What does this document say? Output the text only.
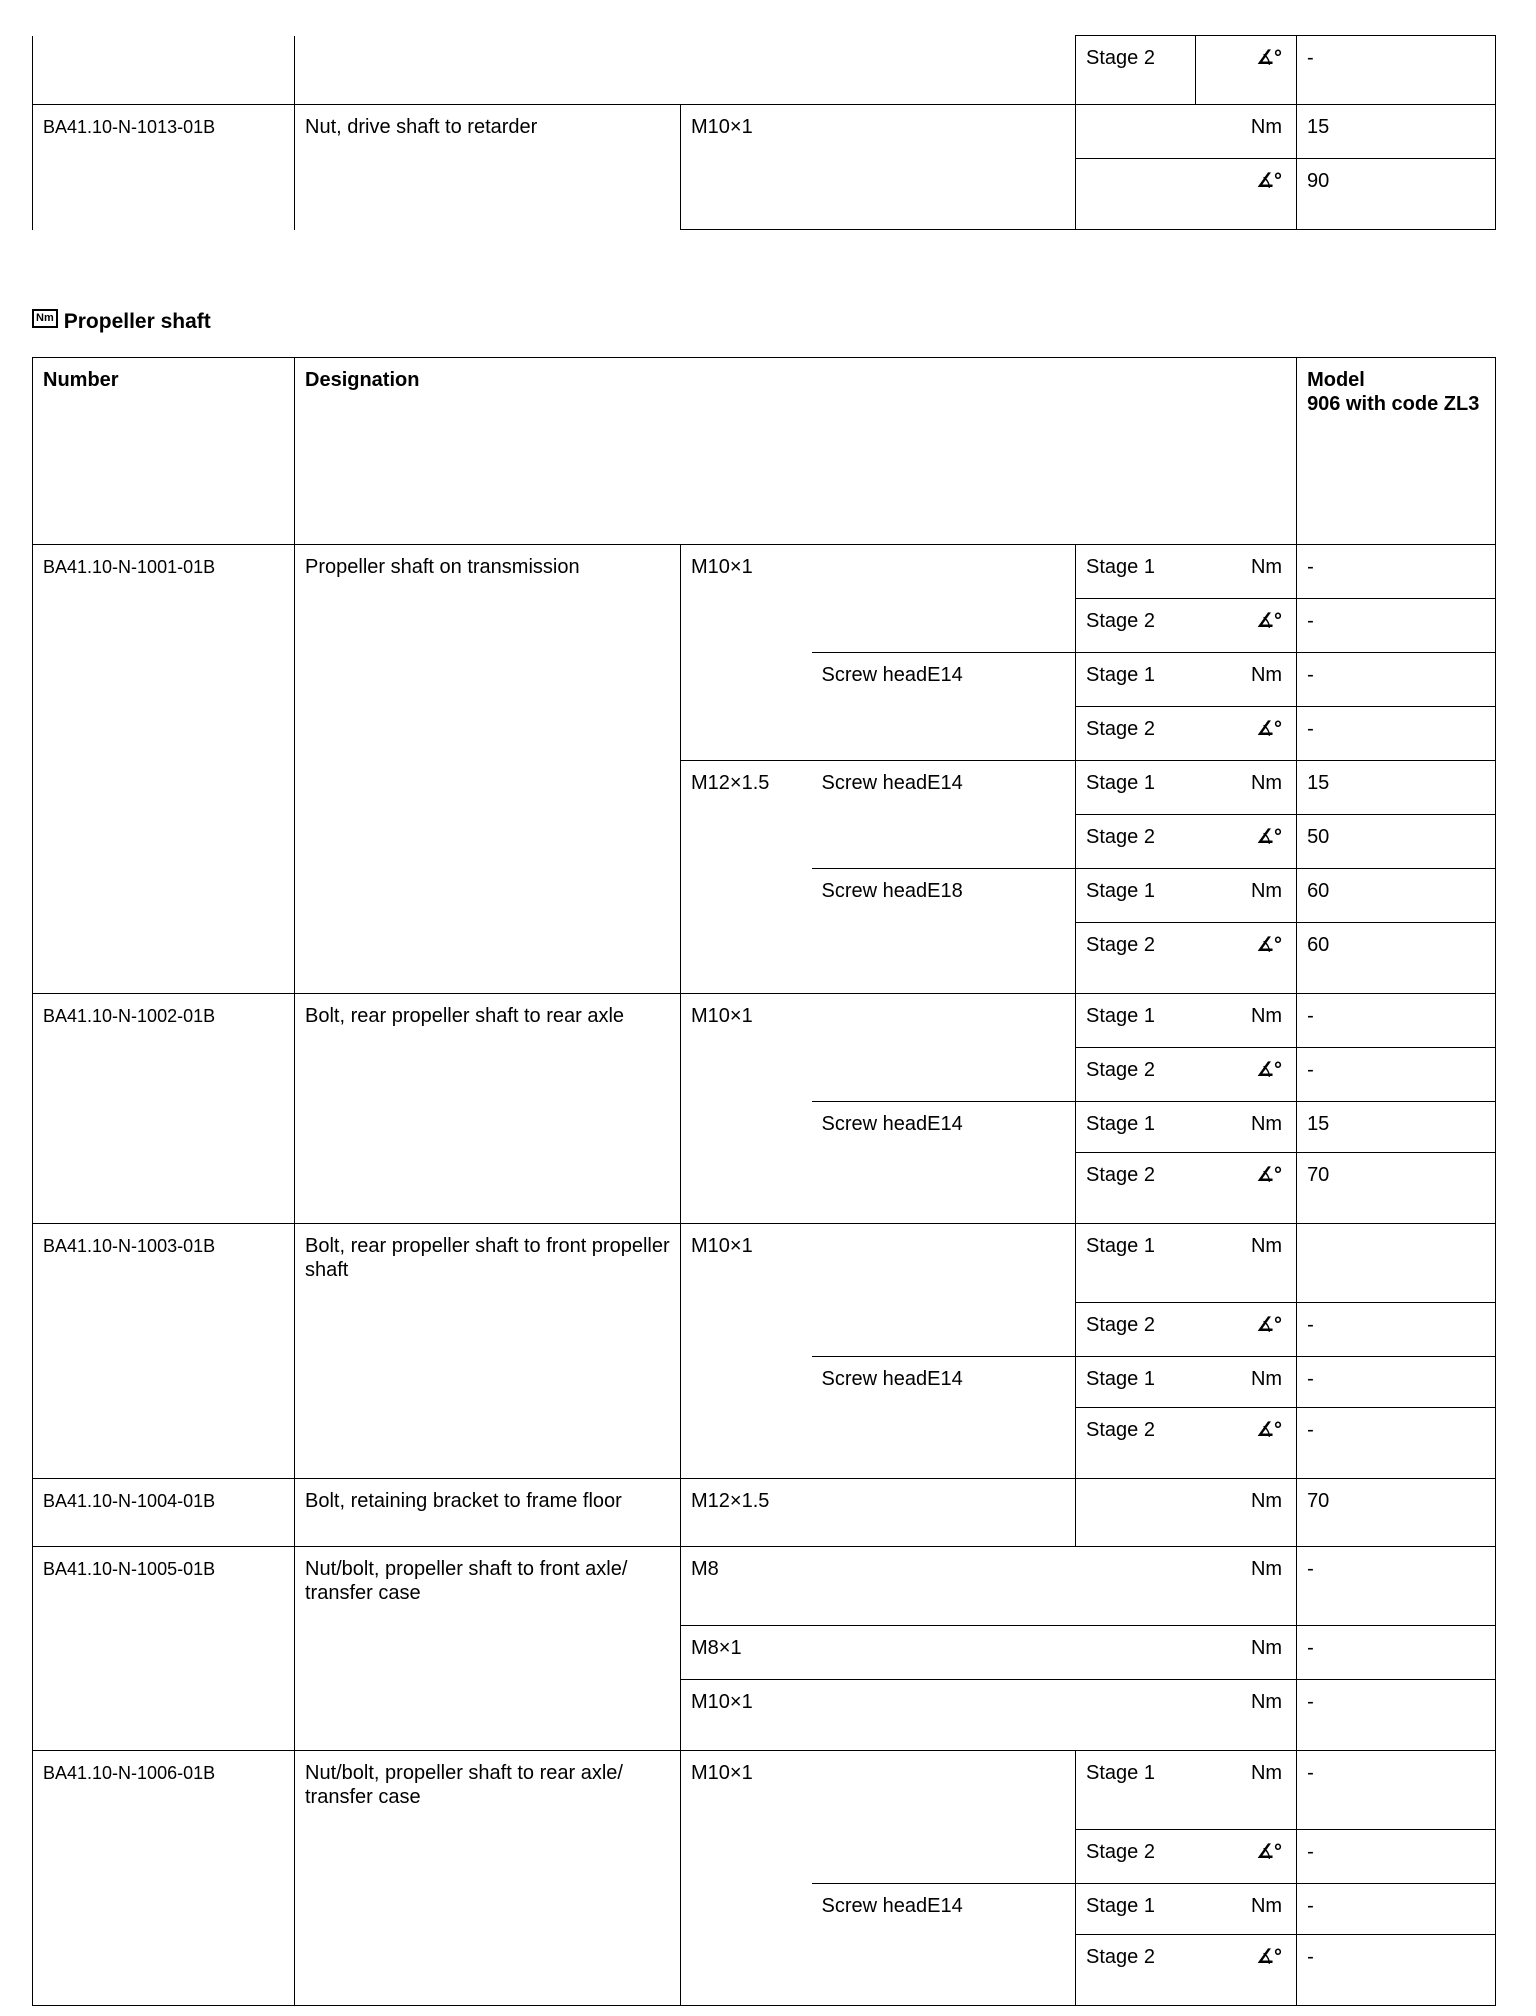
				Stage 2	∡°	-
BA41.10-N-1013-01B	Nut, drive shaft to retarder	M10×1			Nm	15
					∡°	90
Nm Propeller shaft
Number	Designation					Model
906 with code ZL3
BA41.10-N-1001-01B	Propeller shaft on transmission	M10×1		Stage 1	Nm	-
				Stage 2	∡°	-
			Screw headE14	Stage 1	Nm	-
				Stage 2	∡°	-
		M12×1.5	Screw headE14	Stage 1	Nm	15
				Stage 2	∡°	50
			Screw headE18	Stage 1	Nm	60
				Stage 2	∡°	60
BA41.10-N-1002-01B	Bolt, rear propeller shaft to rear axle	M10×1		Stage 1	Nm	-
				Stage 2	∡°	-
			Screw headE14	Stage 1	Nm	15
				Stage 2	∡°	70
BA41.10-N-1003-01B	Bolt, rear propeller shaft to front propeller shaft	M10×1		Stage 1	Nm	
				Stage 2	∡°	-
			Screw headE14	Stage 1	Nm	-
				Stage 2	∡°	-
BA41.10-N-1004-01B	Bolt, retaining bracket to frame floor	M12×1.5			Nm	70
BA41.10-N-1005-01B	Nut/bolt, propeller shaft to front axle/ transfer case	M8			Nm	-
		M8×1			Nm	-
		M10×1			Nm	-
BA41.10-N-1006-01B	Nut/bolt, propeller shaft to rear axle/ transfer case	M10×1		Stage 1	Nm	-
				Stage 2	∡°	-
			Screw headE14	Stage 1	Nm	-
				Stage 2	∡°	-
